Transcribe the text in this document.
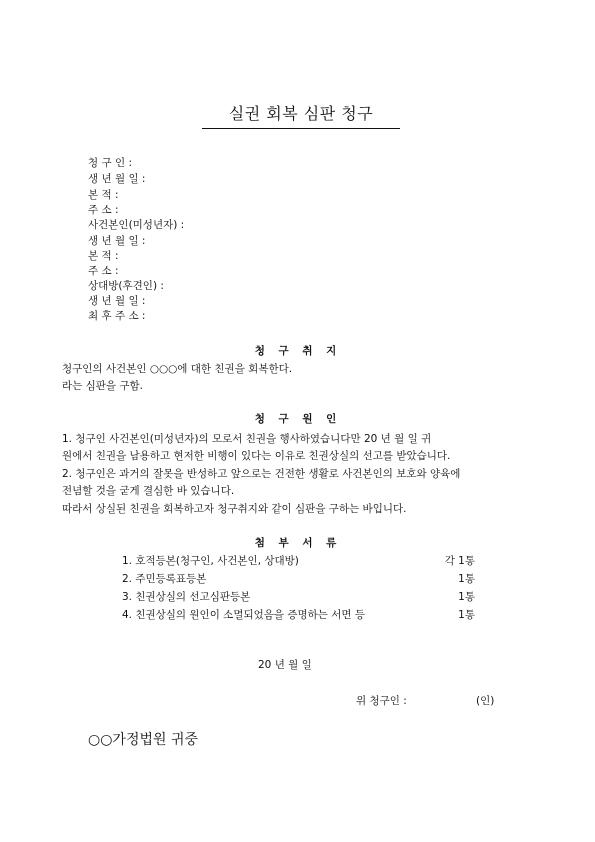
실권 회복 심판 청구
청 구 인 :
생 년 월 일 :
본 적 :
주 소 :
사건본인(미성년자) :
생 년 월 일 :
본 적 :
주 소 :
상대방(후견인) :
생 년 월 일 :
최 후 주 소 :
청 구 취 지
청구인의 사건본인 ○○○에 대한 친권을 회복한다.
라는 심판을 구함.
청 구 원 인
1. 청구인 사건본인(미성년자)의 모로서 친권을 행사하였습니다만 20 년 월 일 귀
원에서 친권을 남용하고 현저한 비행이 있다는 이유로 친권상실의 선고를 받았습니다.
2. 청구인은 과거의 잘못을 반성하고 앞으로는 건전한 생활로 사건본인의 보호와 양육에
전념할 것을 굳게 결심한 바 있습니다.
따라서 상실된 친권을 회복하고자 청구취지와 같이 심판을 구하는 바입니다.
첨 부 서 류
1. 호적등본(청구인, 사건본인, 상대방)	각 1통
2. 주민등록표등본	1통
3. 친권상실의 선고심판등본	1통
4. 친권상실의 원인이 소멸되었음을 증명하는 서면 등	1통
20 년 월 일
위 청구인 :	(인)
○○가정법원 귀중
